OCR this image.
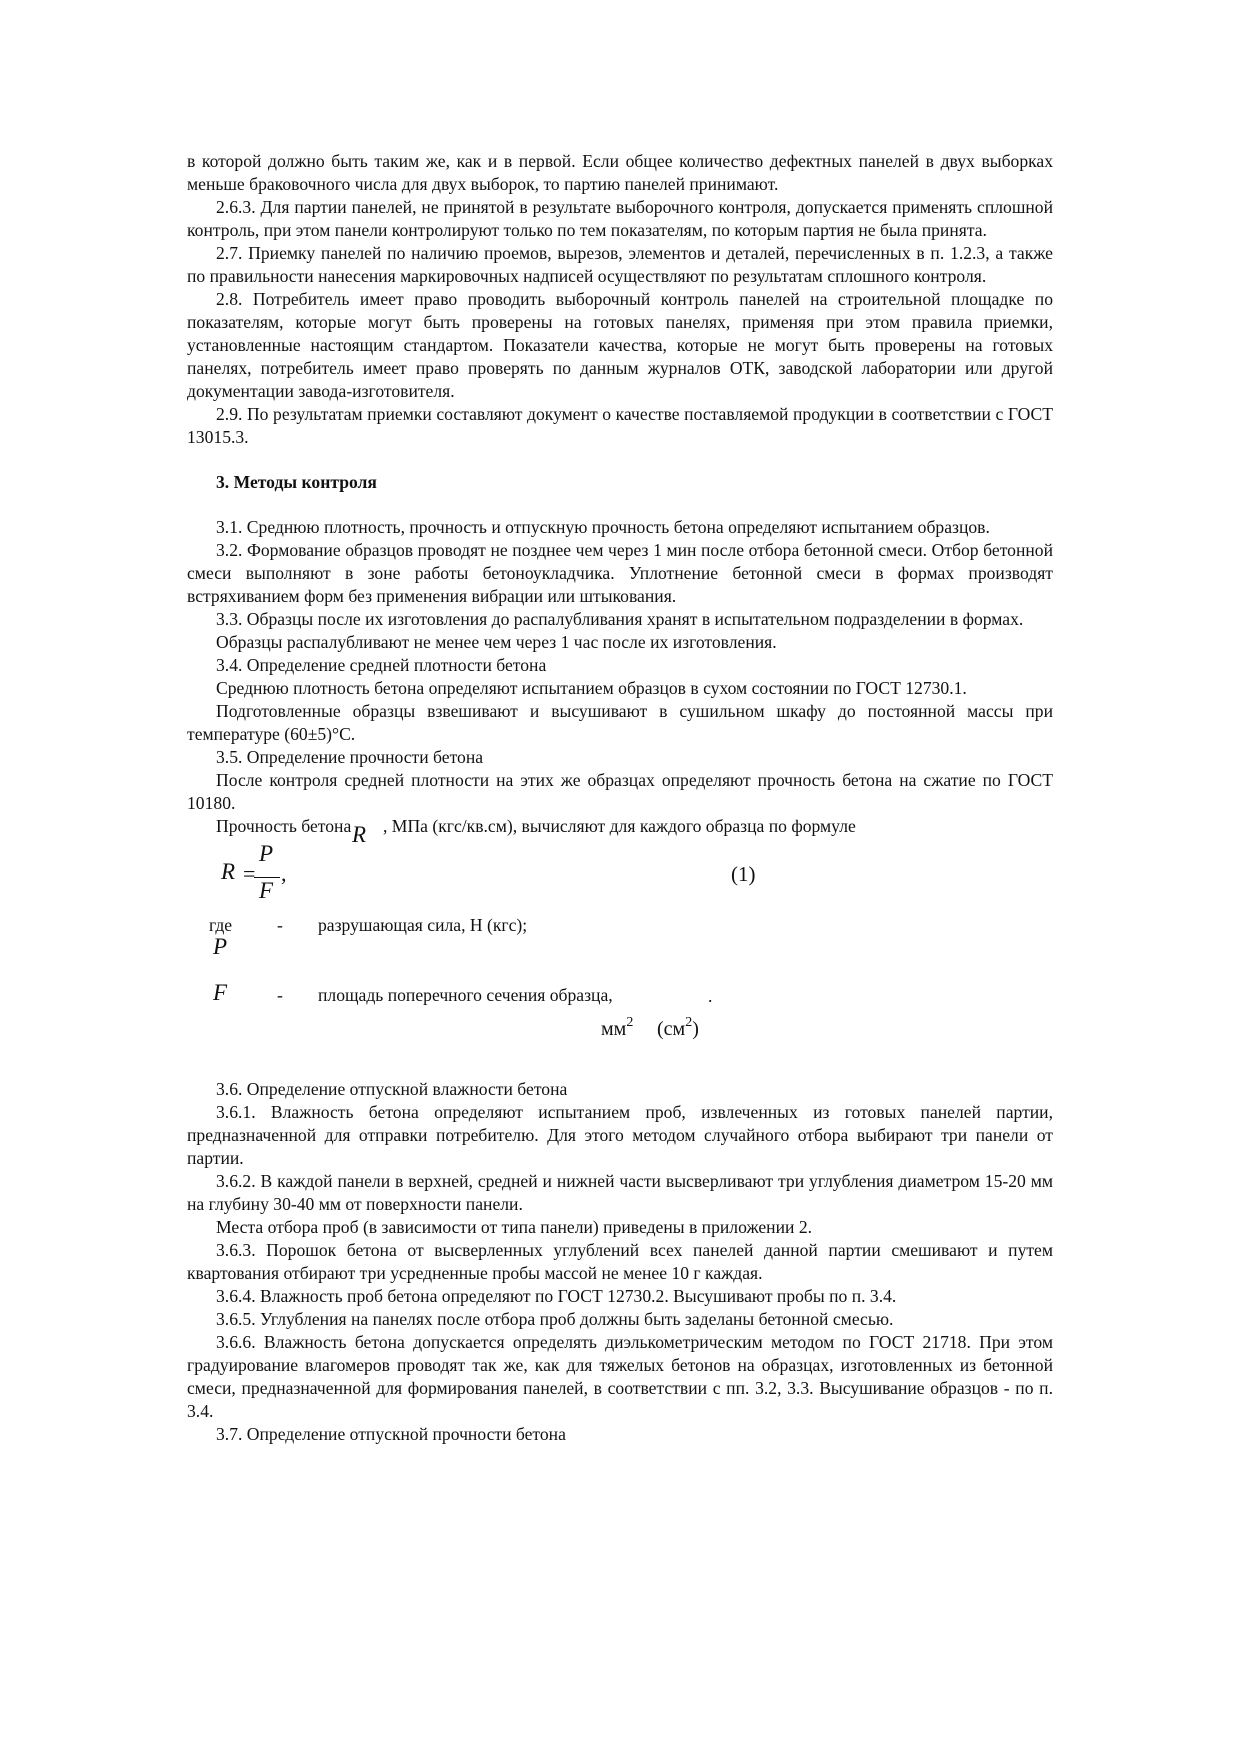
в которой должно быть таким же, как и в первой. Если общее количество дефектных панелей в двух выборках меньше браковочного числа для двух выборок, то партию панелей принимают.

2.6.3. Для партии панелей, не принятой в результате выборочного контроля, допускается применять сплошной контроль, при этом панели контролируют только по тем показателям, по которым партия не была принята.

2.7. Приемку панелей по наличию проемов, вырезов, элементов и деталей, перечисленных в п. 1.2.3, а также по правильности нанесения маркировочных надписей осуществляют по результатам сплошного контроля.

2.8. Потребитель имеет право проводить выборочный контроль панелей на строительной площадке по показателям, которые могут быть проверены на готовых панелях, применяя при этом правила приемки, установленные настоящим стандартом. Показатели качества, которые не могут быть проверены на готовых панелях, потребитель имеет право проверять по данным журналов ОТК, заводской лаборатории или другой документации завода-изготовителя.

2.9. По результатам приемки составляют документ о качестве поставляемой продукции в соответствии с ГОСТ 13015.3.

3. Методы контроля

3.1. Среднюю плотность, прочность и отпускную прочность бетона определяют испытанием образцов.

3.2. Формование образцов проводят не позднее чем через 1 мин после отбора бетонной смеси. Отбор бетонной смеси выполняют в зоне работы бетоноукладчика. Уплотнение бетонной смеси в формах производят встряхиванием форм без применения вибрации или штыкования.

3.3. Образцы после их изготовления до распалубливания хранят в испытательном подразделении в формах.

Образцы распалубливают не менее чем через 1 час после их изготовления.

3.4. Определение средней плотности бетона

Среднюю плотность бетона определяют испытанием образцов в сухом состоянии по ГОСТ 12730.1.

Подготовленные образцы взвешивают и высушивают в сушильном шкафу до постоянной массы при температуре (60±5)°С.

3.5. Определение прочности бетона

После контроля средней плотности на этих же образцах определяют прочность бетона на сжатие по ГОСТ 10180.

Прочность бетона , МПа (кгс/кв.см), вычисляют для каждого образца по формуле
R
R =
P
F
,	(1)
где	- разрушающая сила, Н (кгс);
P
F	- площадь поперечного сечения образца,	.
$мм^2$ $(см^2)$

3.6. Определение отпускной влажности бетона

3.6.1. Влажность бетона определяют испытанием проб, извлеченных из готовых панелей партии, предназначенной для отправки потребителю. Для этого методом случайного отбора выбирают три панели от партии.

3.6.2. В каждой панели в верхней, средней и нижней части высверливают три углубления диаметром 15-20 мм на глубину 30-40 мм от поверхности панели.

Места отбора проб (в зависимости от типа панели) приведены в приложении 2.

3.6.3. Порошок бетона от высверленных углублений всех панелей данной партии смешивают и путем квартования отбирают три усредненные пробы массой не менее 10 г каждая.

3.6.4. Влажность проб бетона определяют по ГОСТ 12730.2. Высушивают пробы по п. 3.4.

3.6.5. Углубления на панелях после отбора проб должны быть заделаны бетонной смесью.

3.6.6. Влажность бетона допускается определять диэлькометрическим методом по ГОСТ 21718. При этом градуирование влагомеров проводят так же, как для тяжелых бетонов на образцах, изготовленных из бетонной смеси, предназначенной для формирования панелей, в соответствии с пп. 3.2, 3.3. Высушивание образцов - по п. 3.4.

3.7. Определение отпускной прочности бетона
